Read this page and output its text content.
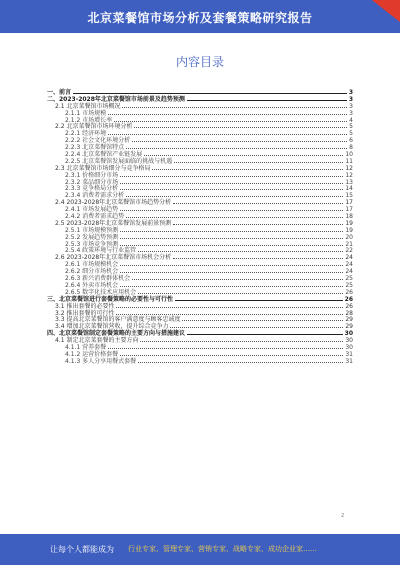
北京菜餐馆市场分析及套餐策略研究报告
内容目录
一、前言	3
二、2023-2028年北京菜餐馆市场前景及趋势预测	3
2.1 北京菜餐馆市场概况	3
2.1.1 市场规模	3
2.1.2 市场增长率	4
2.2 北京菜餐馆市场环境分析	5
2.2.1 经济环境	5
2.2.2 社会文化环境分析	6
2.2.3 北京菜餐馆特点	8
2.2.4 北京菜餐馆产业链发展	10
2.2.5 北京菜餐馆发展面临的挑战与机遇	11
2.3 北京菜餐馆市场细分与竞争格局	12
2.3.1 价格细分市场	12
2.3.2 菜品细分市场	13
2.3.3 竞争格局分析	14
2.3.4 消费者需求分析	15
2.4 2023-2028年北京菜餐馆市场趋势分析	17
2.4.1 市场发展趋势	17
2.4.2 消费者需求趋势	18
2.5 2023-2028年北京菜餐馆发展前景预测	19
2.5.1 市场规模预测	19
2.5.2 发展趋势预测	20
2.5.3 市场竞争预测	21
2.5.4 政策环境与行业监管	22
2.6 2023-2028年北京菜餐馆市场机会分析	24
2.6.1 市场规模机会	24
2.6.2 细分市场机会	24
2.6.3 新兴消费群体机会	25
2.6.4 外卖市场机会	25
2.6.5 数字化技术应用机会	26
三、北京菜餐馆进行套餐策略的必要性与可行性	26
3.1 推出套餐的必要性	26
3.2 推出套餐的可行性	28
3.3 提高北京菜餐馆的客户满意度与顾客忠诚度	29
3.4 增加北京菜餐馆营收，提升综合竞争力	29
四、北京菜餐馆制定套餐策略的主要方向与措施建议	30
4.1 制定北京菜套餐的主要方向	30
4.1.1 营养套餐	30
4.1.2 运营价格套餐	31
4.1.3 多人分享用餐式套餐	31
2
让每个人都能成为 行业专家、管理专家、营销专家、战略专家、成功企业家……
